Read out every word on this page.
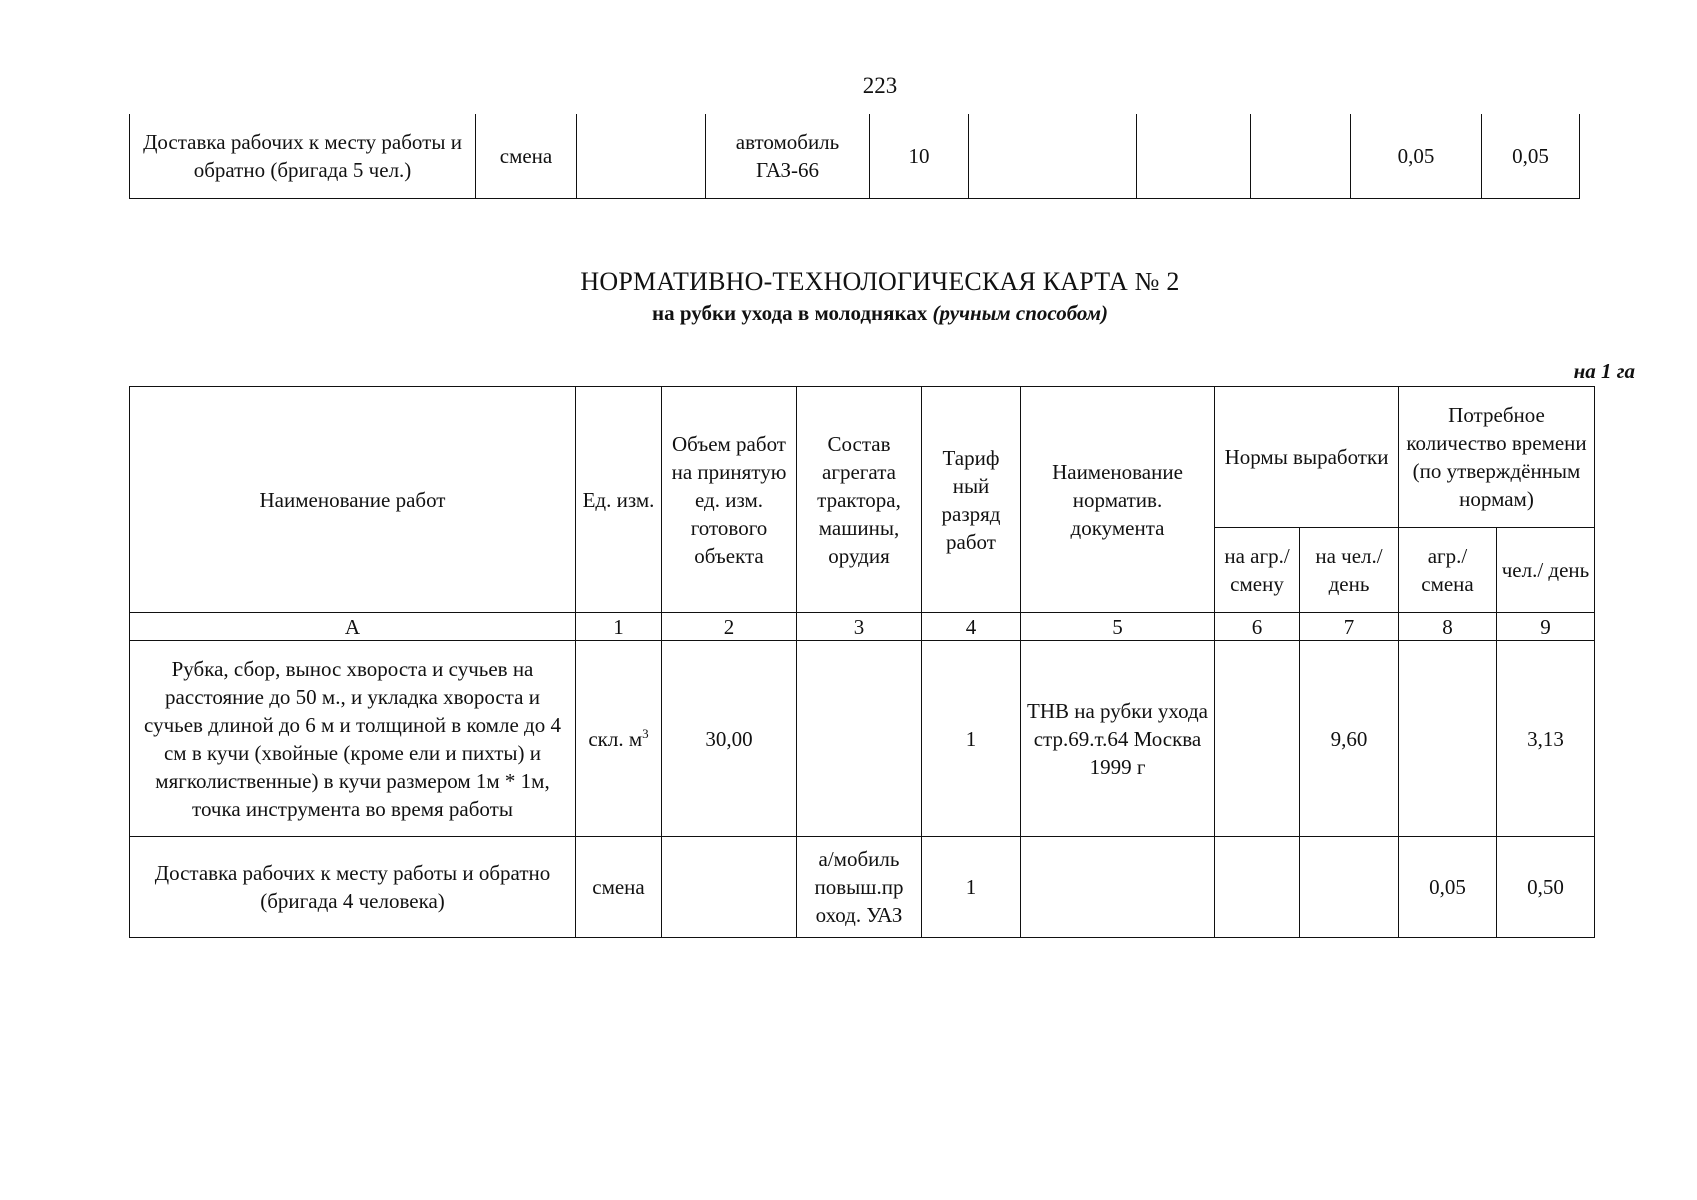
223
Доставка рабочих к месту работы и обратно (бригада 5 чел.)	смена		автомобиль ГАЗ-66	10				0,05	0,05
НОРМАТИВНО-ТЕХНОЛОГИЧЕСКАЯ КАРТА № 2
на рубки ухода в молодняках (ручным способом)
на 1 га
Наименование работ	Ед. изм.	Объем работ на принятую ед. изм. готового объекта	Состав агрегата трактора, машины, орудия	Тариф ный разряд работ	Наименование норматив. документа	Нормы выработки		Потребное количество времени (по утверждённым нормам)	
						на агр./ смену	на чел./ день	агр./ смена	чел./ день
А	1	2	3	4	5	6	7	8	9
Рубка, сбор, вынос хвороста и сучьев на расстояние до 50 м., и укладка хвороста и сучьев длиной до 6 м и толщиной в комле до 4 см в кучи (хвойные (кроме ели и пихты) и мягколиственные) в кучи размером 1м * 1м, точка инструмента во время работы	скл. $м^3$	30,00		1	ТНВ на рубки ухода стр.69.т.64 Москва 1999 г		9,60		3,13
Доставка рабочих к месту работы и обратно (бригада 4 человека)	смена		а/мобиль повыш.пр оход. УАЗ	1				0,05	0,50
